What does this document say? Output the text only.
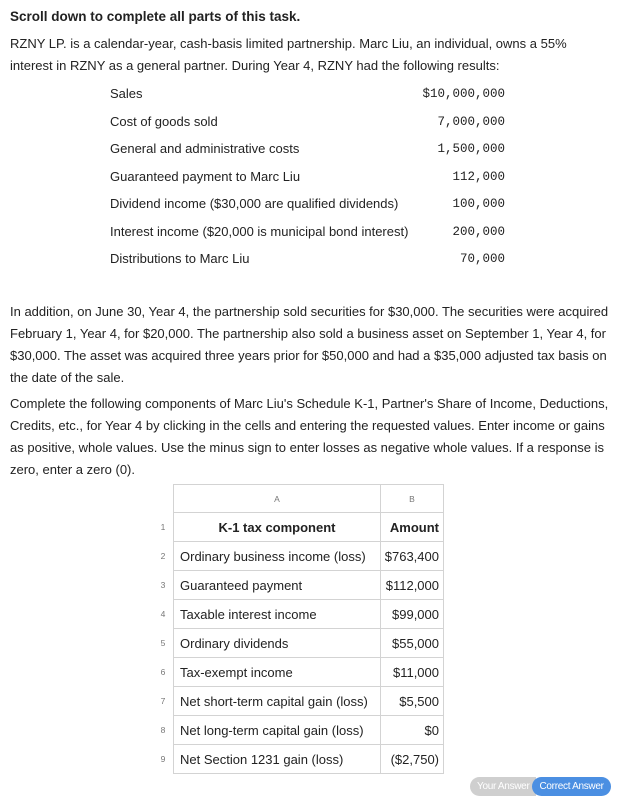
Scroll down to complete all parts of this task.

RZNY LP. is a calendar-year, cash-basis limited partnership. Marc Liu, an individual, owns a 55% interest in RZNY as a general partner. During Year 4, RZNY had the following results:

Sales	$10,000,000
Cost of goods sold	7,000,000
General and administrative costs	1,500,000
Guaranteed payment to Marc Liu	112,000
Dividend income ($30,000 are qualified dividends)	100,000
Interest income ($20,000 is municipal bond interest)	200,000
Distributions to Marc Liu	70,000

In addition, on June 30, Year 4, the partnership sold securities for $30,000. The securities were acquired February 1, Year 4, for $20,000. The partnership also sold a business asset on September 1, Year 4, for $30,000. The asset was acquired three years prior for $50,000 and had a $35,000 adjusted tax basis on the date of the sale.

Complete the following components of Marc Liu's Schedule K-1, Partner's Share of Income, Deductions, Credits, etc., for Year 4 by clicking in the cells and entering the requested values. Enter income or gains as positive, whole values. Use the minus sign to enter losses as negative whole values. If a response is zero, enter a zero (0).

	A	B
1	K-1 tax component	Amount
2	Ordinary business income (loss)	$763,400
3	Guaranteed payment	$112,000
4	Taxable interest income	$99,000
5	Ordinary dividends	$55,000
6	Tax-exempt income	$11,000
7	Net short-term capital gain (loss)	$5,500
8	Net long-term capital gain (loss)	$0
9	Net Section 1231 gain (loss)	($2,750)
Your Answer	Correct Answer
